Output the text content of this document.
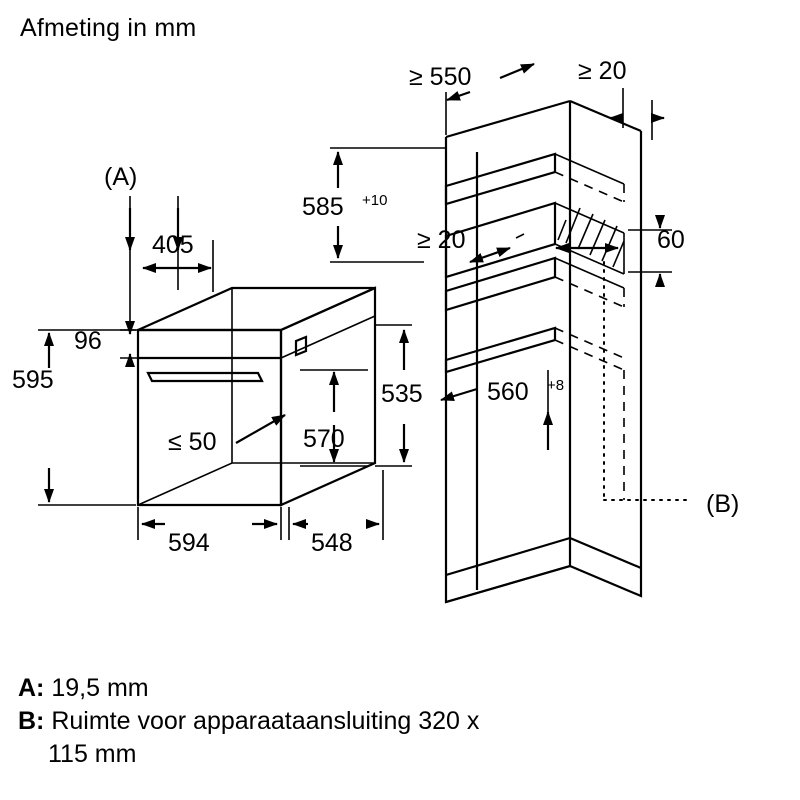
Afmeting in mm
(A)
405
96
595
≤ 50	570
535
594	548
≥ 550	≥ 20
585 +10
≥ 20	60
560 +8
(B)
A: 19,5 mm
B: Ruimte voor apparaataansluiting 320 x
115 mm
